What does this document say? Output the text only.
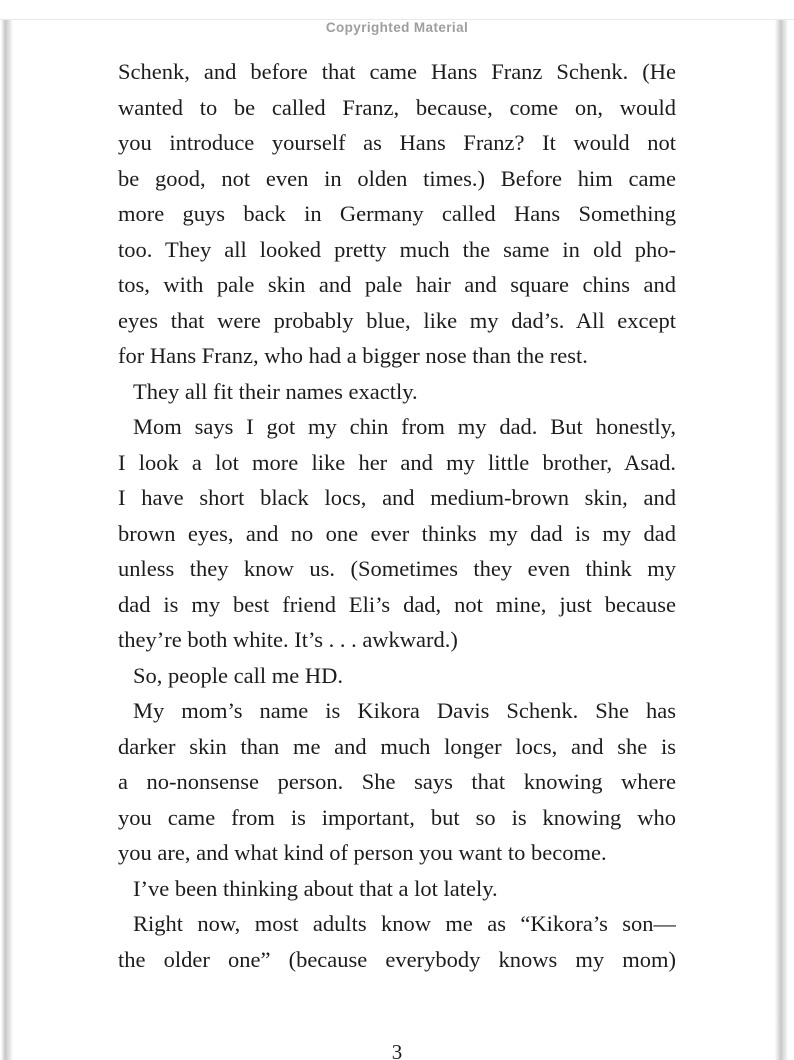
Copyrighted Material
Schenk, and before that came Hans Franz Schenk. (He
wanted to be called Franz, because, come on, would
you introduce yourself as Hans Franz? It would not
be good, not even in olden times.) Before him came
more guys back in Germany called Hans Something
too. They all looked pretty much the same in old pho-
tos, with pale skin and pale hair and square chins and
eyes that were probably blue, like my dad’s. All except
for Hans Franz, who had a bigger nose than the rest.
They all fit their names exactly.
Mom says I got my chin from my dad. But honestly,
I look a lot more like her and my little brother, Asad.
I have short black locs, and medium-brown skin, and
brown eyes, and no one ever thinks my dad is my dad
unless they know us. (Sometimes they even think my
dad is my best friend Eli’s dad, not mine, just because
they’re both white. It’s . . . awkward.)
So, people call me HD.
My mom’s name is Kikora Davis Schenk. She has
darker skin than me and much longer locs, and she is
a no-nonsense person. She says that knowing where
you came from is important, but so is knowing who
you are, and what kind of person you want to become.
I’ve been thinking about that a lot lately.
Right now, most adults know me as “Kikora’s son—
the older one” (because everybody knows my mom)
3
